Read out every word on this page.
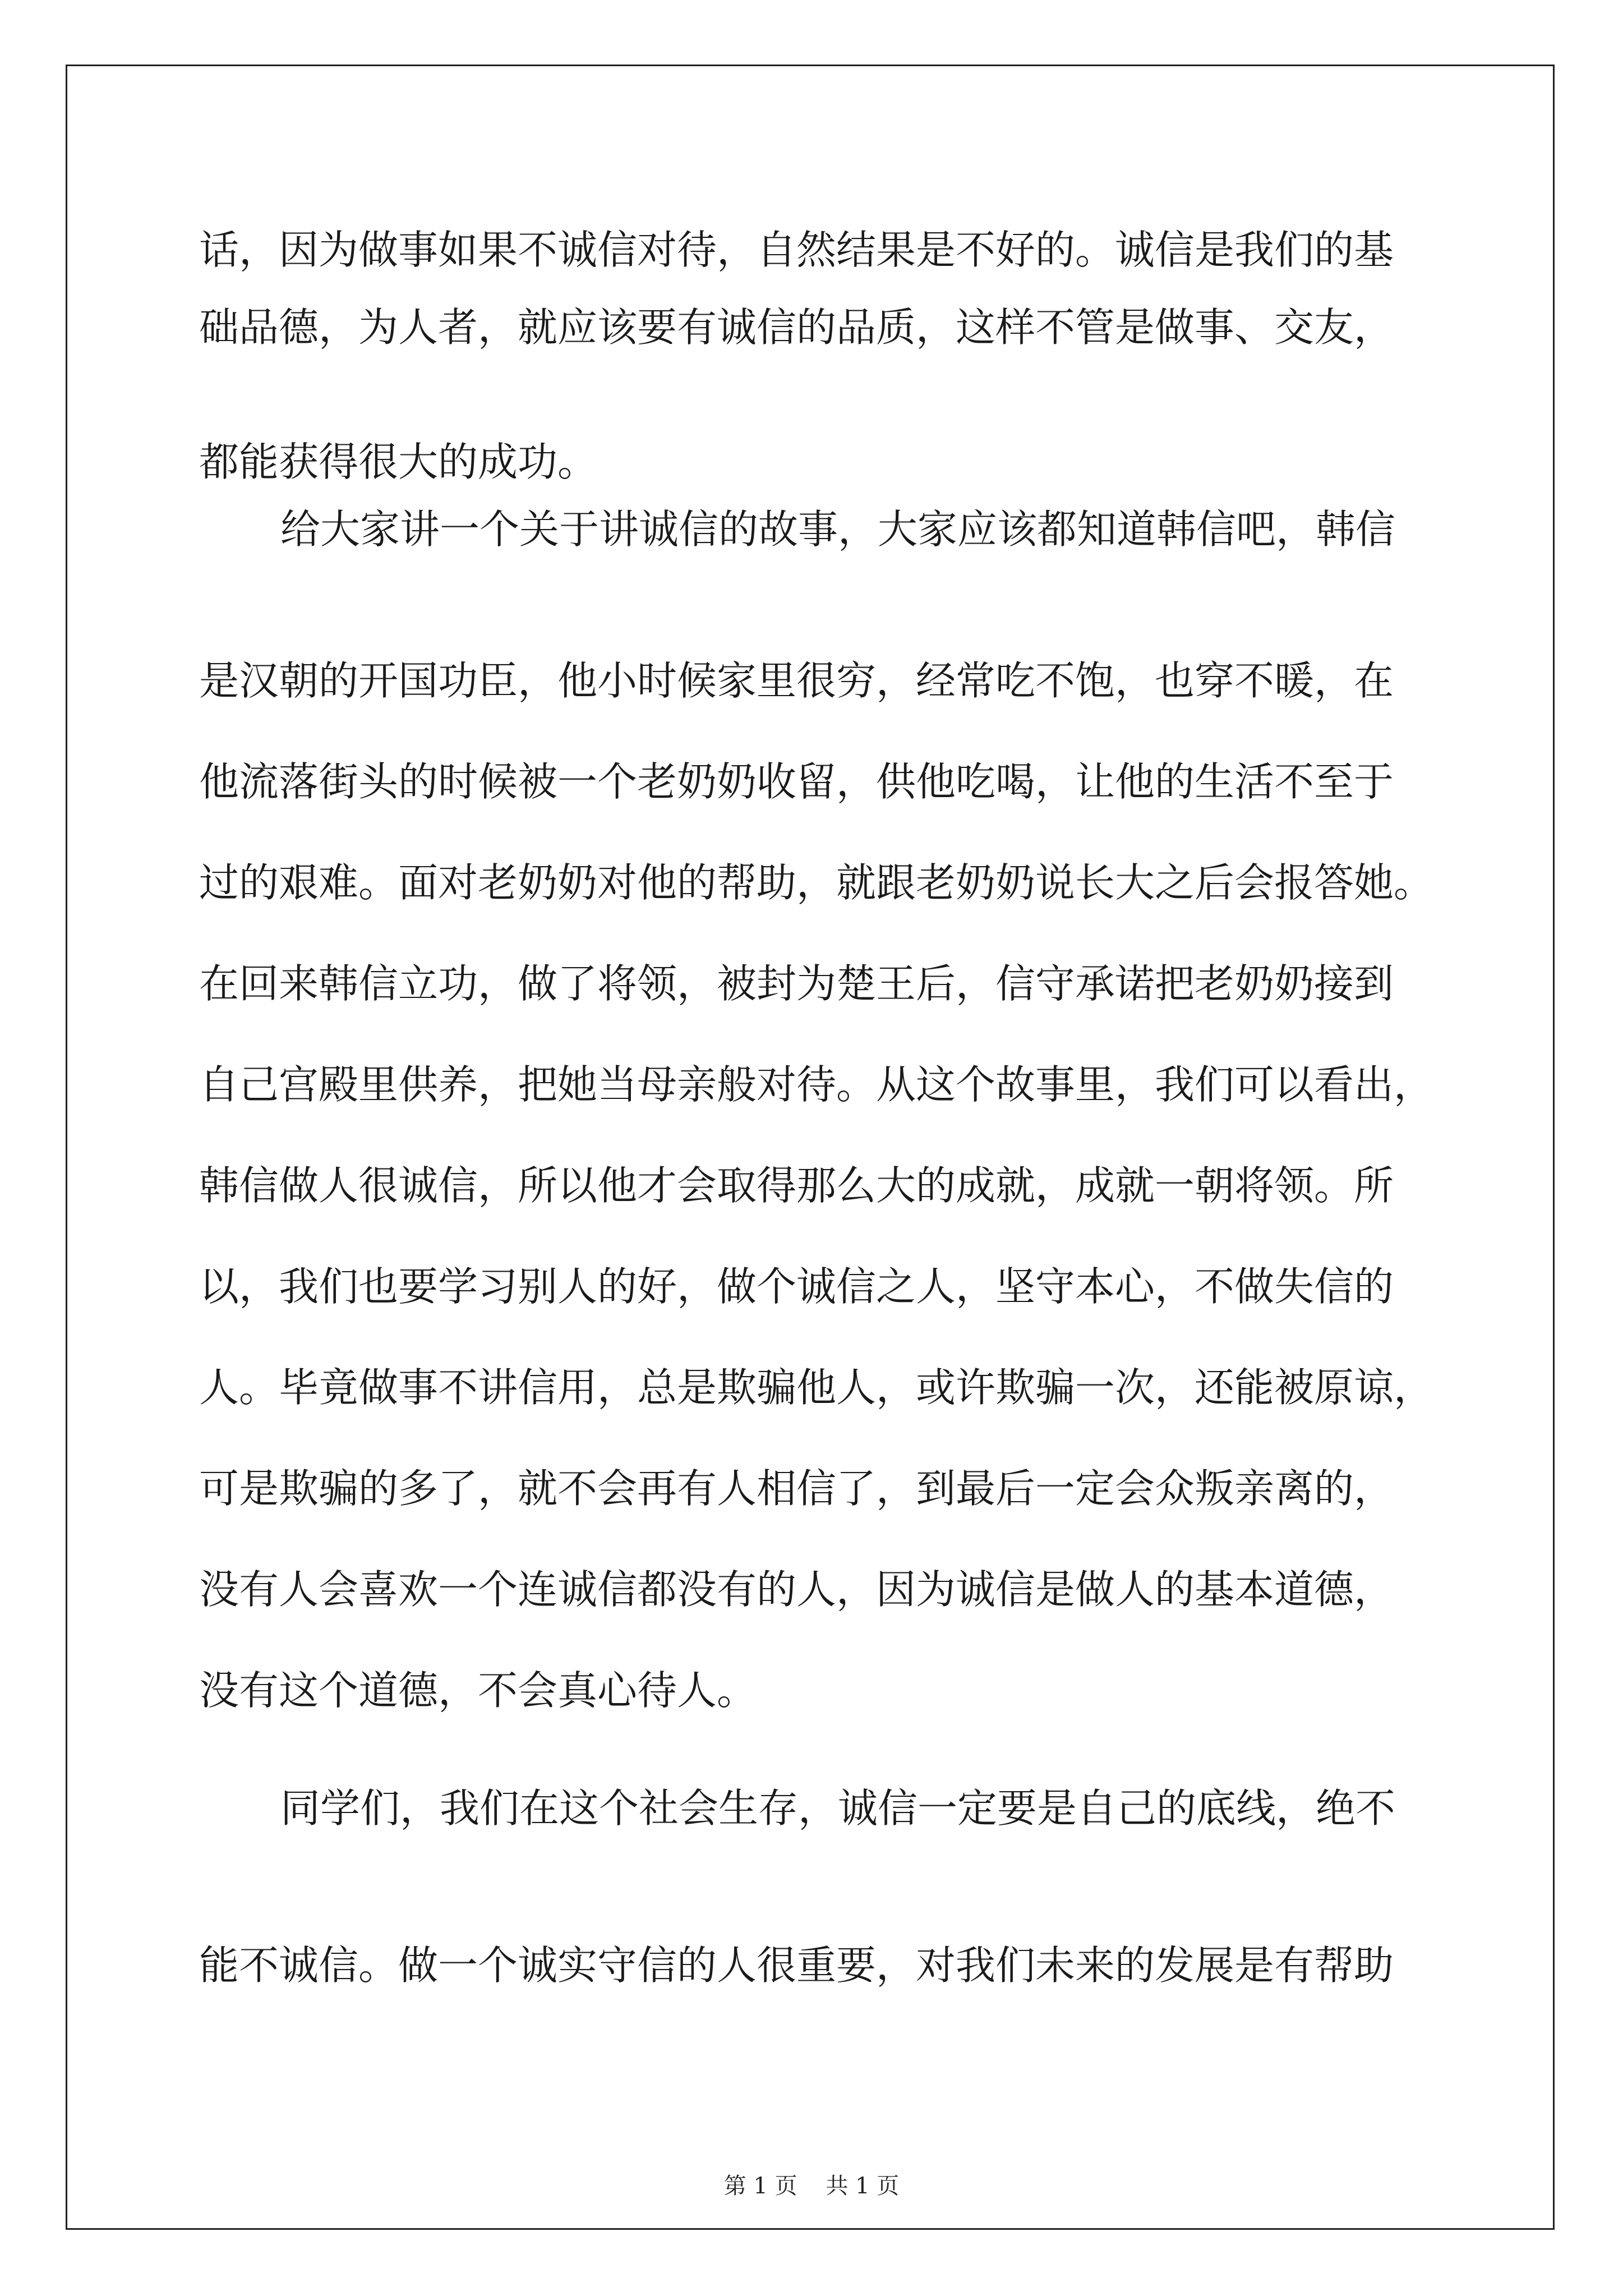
话，因为做事如果不诚信对待，自然结果是不好的。诚信是我们的基
础品德，为人者，就应该要有诚信的品质，这样不管是做事、交友，
都能获得很大的成功。
给大家讲一个关于讲诚信的故事，大家应该都知道韩信吧，韩信
是汉朝的开国功臣，他小时候家里很穷，经常吃不饱，也穿不暖，在
他流落街头的时候被一个老奶奶收留，供他吃喝，让他的生活不至于
过的艰难。面对老奶奶对他的帮助，就跟老奶奶说长大之后会报答她。
在回来韩信立功，做了将领，被封为楚王后，信守承诺把老奶奶接到
自己宫殿里供养，把她当母亲般对待。从这个故事里，我们可以看出，
韩信做人很诚信，所以他才会取得那么大的成就，成就一朝将领。所
以，我们也要学习别人的好，做个诚信之人，坚守本心，不做失信的
人。毕竟做事不讲信用，总是欺骗他人，或许欺骗一次，还能被原谅，
可是欺骗的多了，就不会再有人相信了，到最后一定会众叛亲离的，
没有人会喜欢一个连诚信都没有的人，因为诚信是做人的基本道德，
没有这个道德，不会真心待人。
同学们，我们在这个社会生存，诚信一定要是自己的底线，绝不
能不诚信。做一个诚实守信的人很重要，对我们未来的发展是有帮助
第 1 页    共 1 页
